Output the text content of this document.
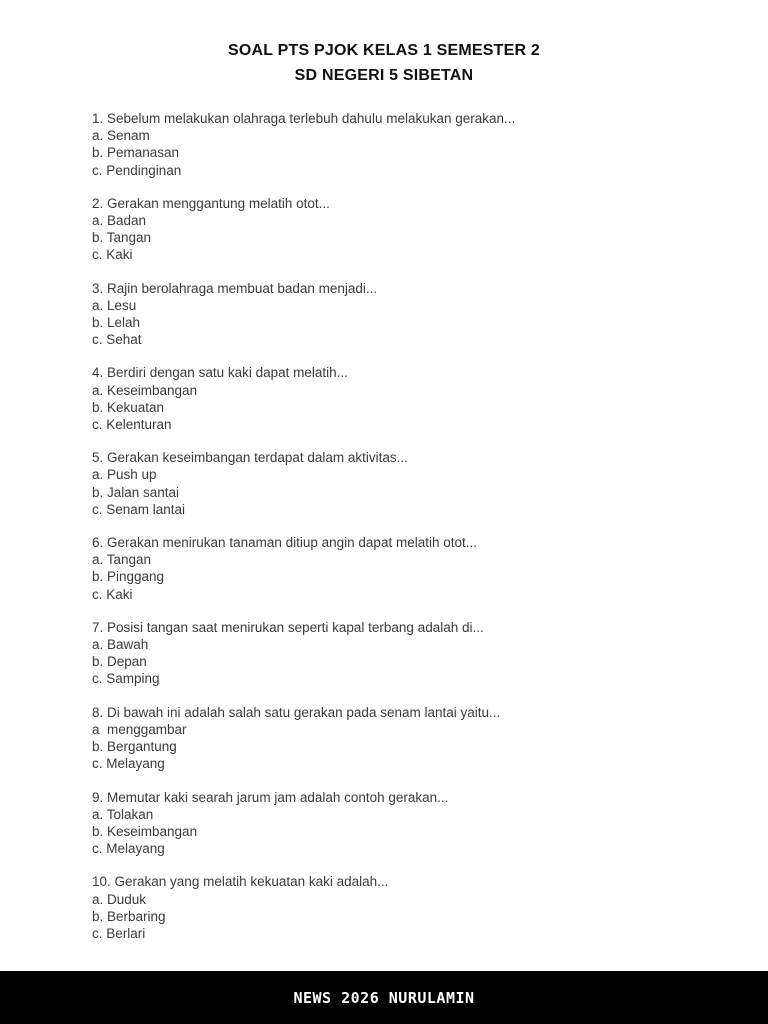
SOAL PTS PJOK KELAS 1 SEMESTER 2
SD NEGERI 5 SIBETAN
1. Sebelum melakukan olahraga terlebuh dahulu melakukan gerakan...
a. Senam
b. Pemanasan
c. Pendinginan
2. Gerakan menggantung melatih otot...
a. Badan
b. Tangan
c. Kaki
3. Rajin berolahraga membuat badan menjadi...
a. Lesu
b. Lelah
c. Sehat
4. Berdiri dengan satu kaki dapat melatih...
a. Keseimbangan
b. Kekuatan
c. Kelenturan
5. Gerakan keseimbangan terdapat dalam aktivitas...
a. Push up
b. Jalan santai
c. Senam lantai
6. Gerakan menirukan tanaman ditiup angin dapat melatih otot...
a. Tangan
b. Pinggang
c. Kaki
7. Posisi tangan saat menirukan seperti kapal terbang adalah di...
a. Bawah
b. Depan
c. Samping
8. Di bawah ini adalah salah satu gerakan pada senam lantai yaitu...
a  menggambar
b. Bergantung
c. Melayang
9. Memutar kaki searah jarum jam adalah contoh gerakan...
a. Tolakan
b. Keseimbangan
c. Melayang
10. Gerakan yang melatih kekuatan kaki adalah...
a. Duduk
b. Berbaring
c. Berlari
NEWS 2026 NURULAMIN
